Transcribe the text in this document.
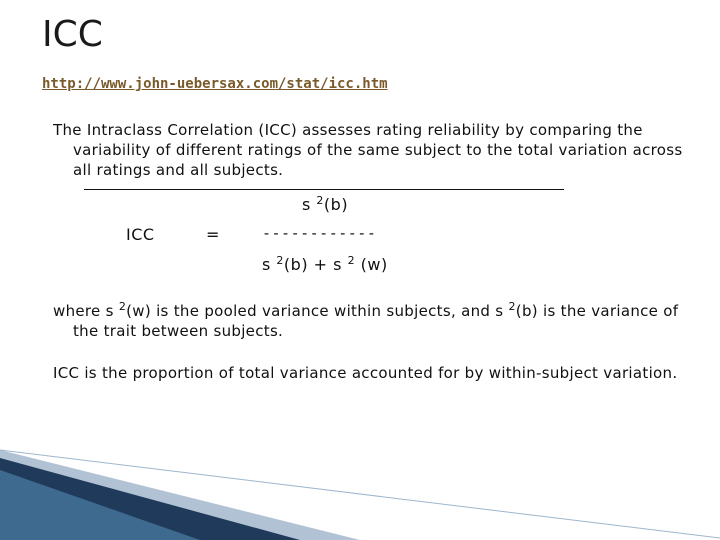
ICC
http://www.john-uebersax.com/stat/icc.htm
The Intraclass Correlation (ICC) assesses rating reliability by comparing the
variability of different ratings of the same subject to the total variation across
all ratings and all subjects.
s $^2$(b)
ICC	=	------------
s $^2$(b) + s $^2$ (w)
where s $^2$(w) is the pooled variance within subjects, and s $^2$(b) is the variance of
the trait between subjects.
ICC is the proportion of total variance accounted for by within-subject variation.
